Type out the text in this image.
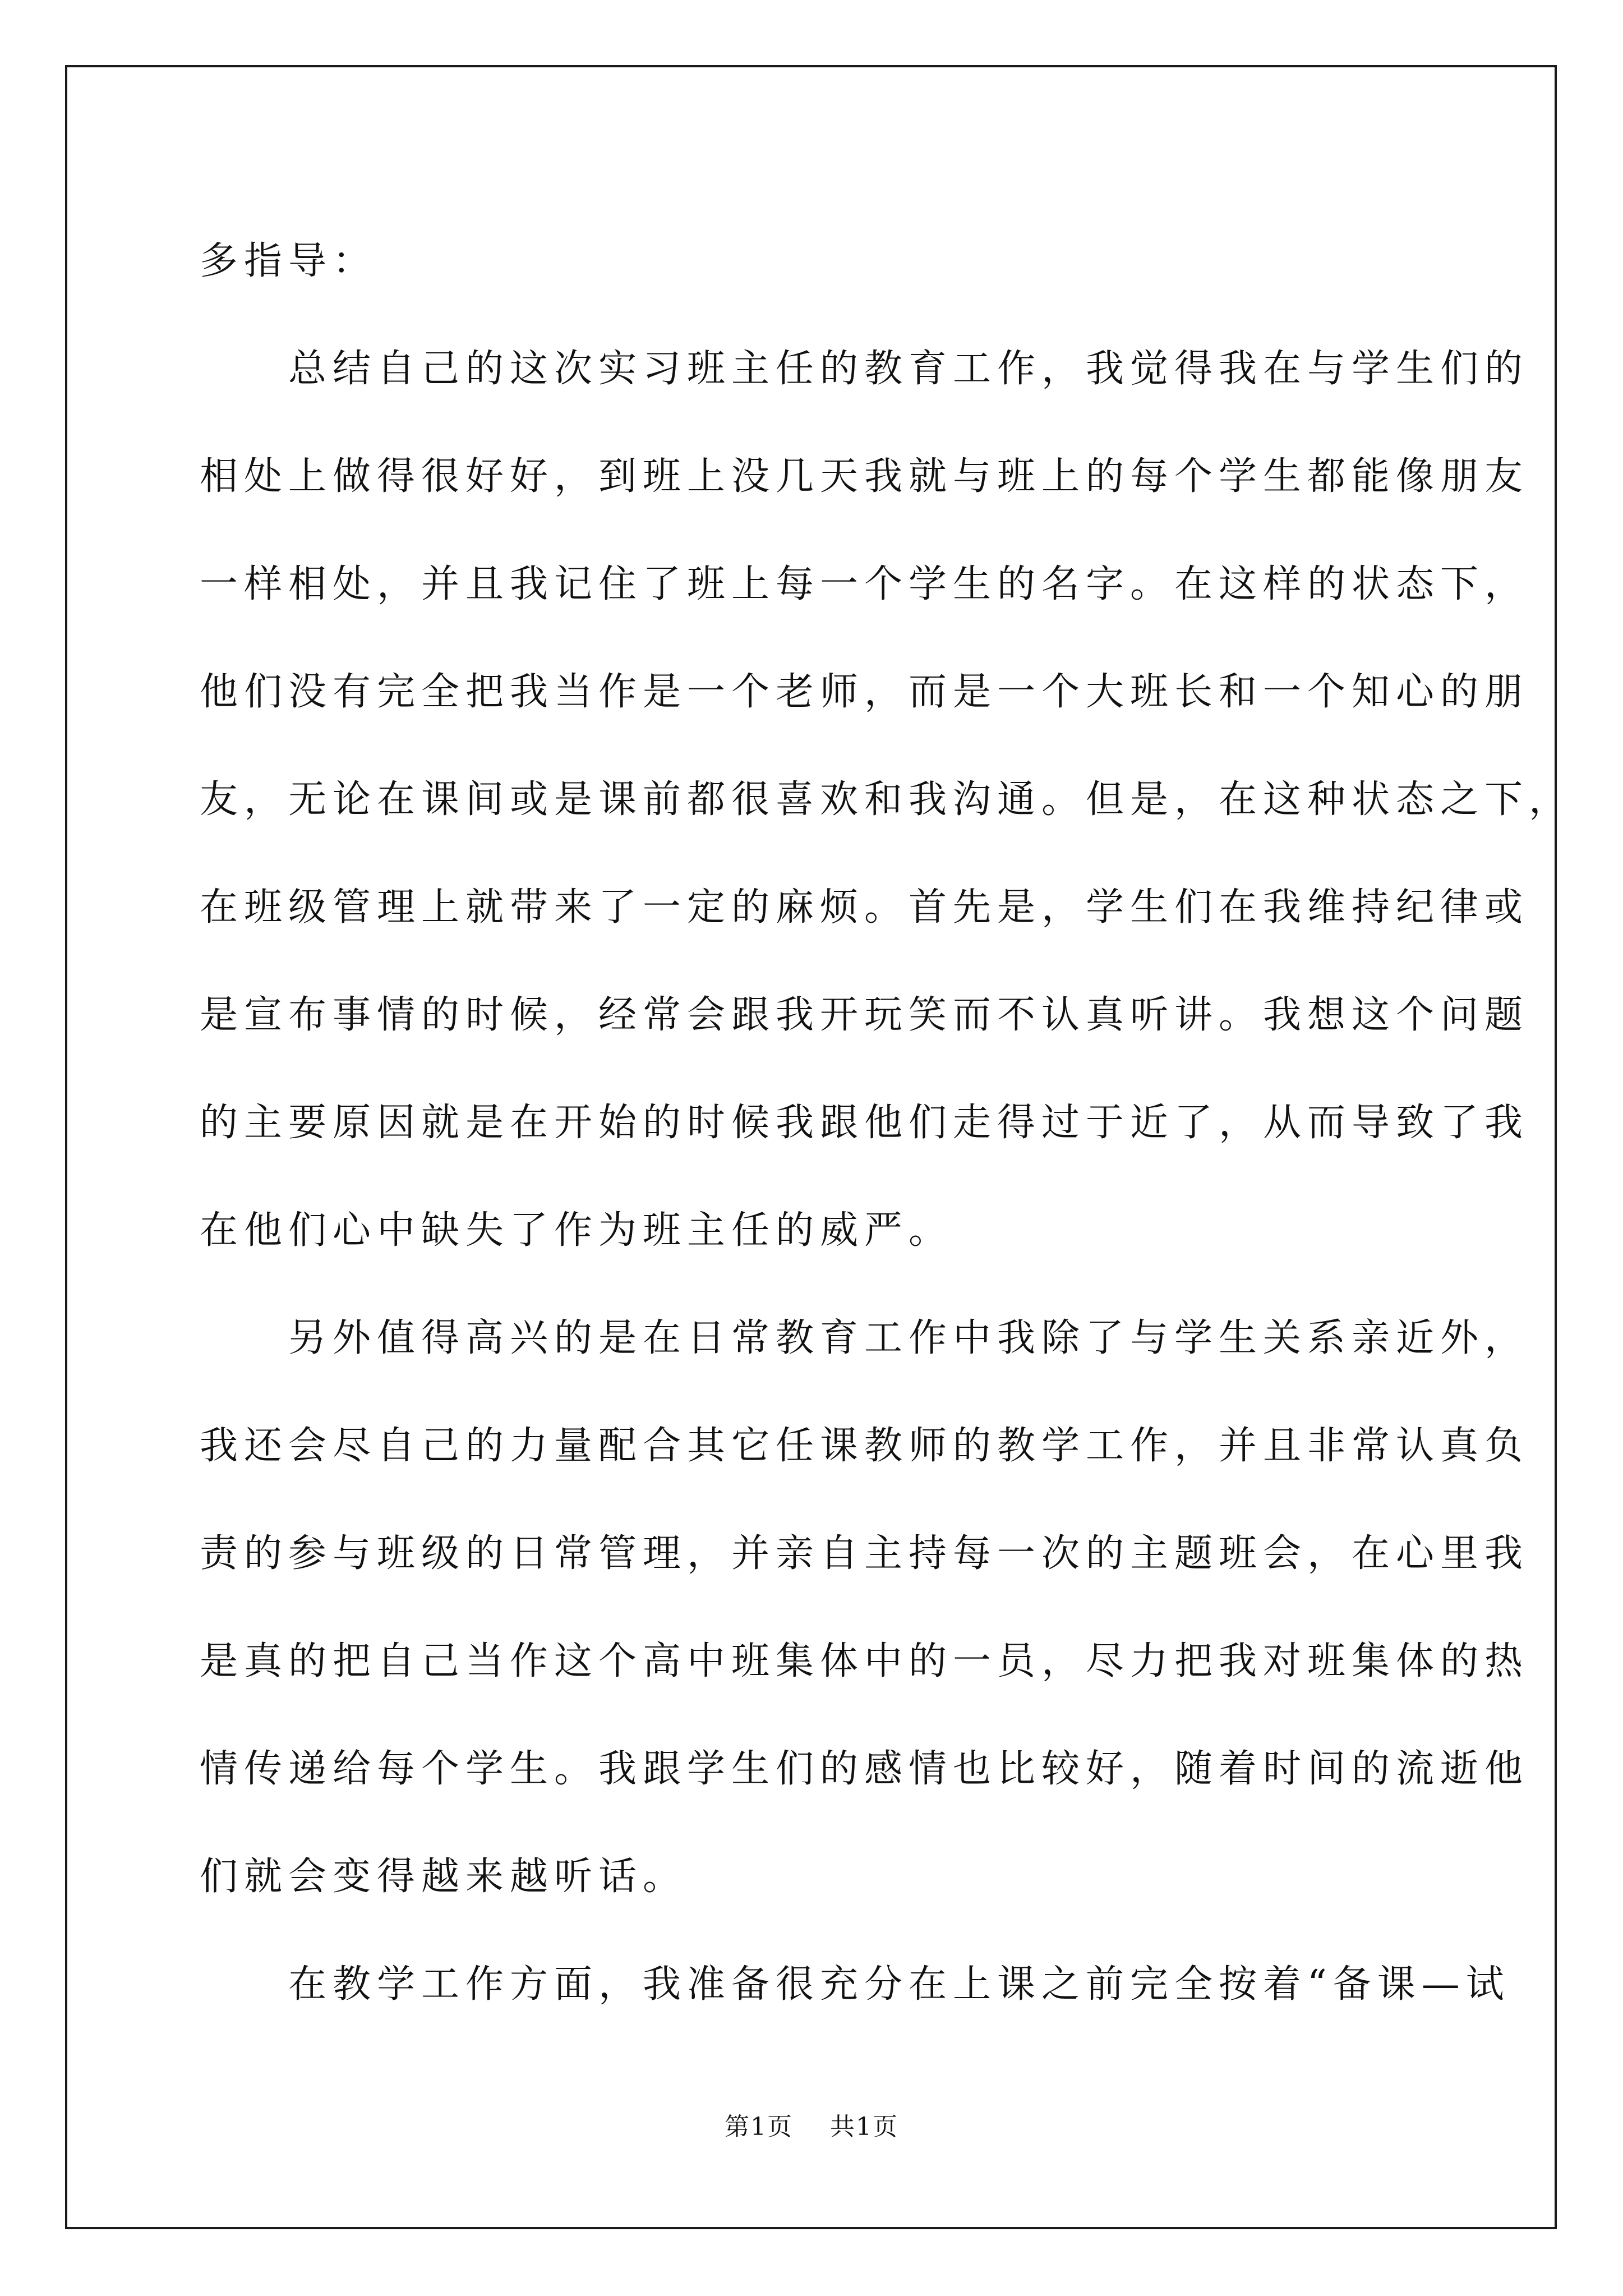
多指导：
　　总结自己的这次实习班主任的教育工作，我觉得我在与学生们的
相处上做得很好好，到班上没几天我就与班上的每个学生都能像朋友
一样相处，并且我记住了班上每一个学生的名字。在这样的状态下，
他们没有完全把我当作是一个老师，而是一个大班长和一个知心的朋
友，无论在课间或是课前都很喜欢和我沟通。但是，在这种状态之下，
在班级管理上就带来了一定的麻烦。首先是，学生们在我维持纪律或
是宣布事情的时候，经常会跟我开玩笑而不认真听讲。我想这个问题
的主要原因就是在开始的时候我跟他们走得过于近了，从而导致了我
在他们心中缺失了作为班主任的威严。
　　另外值得高兴的是在日常教育工作中我除了与学生关系亲近外，
我还会尽自己的力量配合其它任课教师的教学工作，并且非常认真负
责的参与班级的日常管理，并亲自主持每一次的主题班会，在心里我
是真的把自己当作这个高中班集体中的一员，尽力把我对班集体的热
情传递给每个学生。我跟学生们的感情也比较好，随着时间的流逝他
们就会变得越来越听话。
　　在教学工作方面，我准备很充分在上课之前完全按着“备课—试
第1页 共1页
